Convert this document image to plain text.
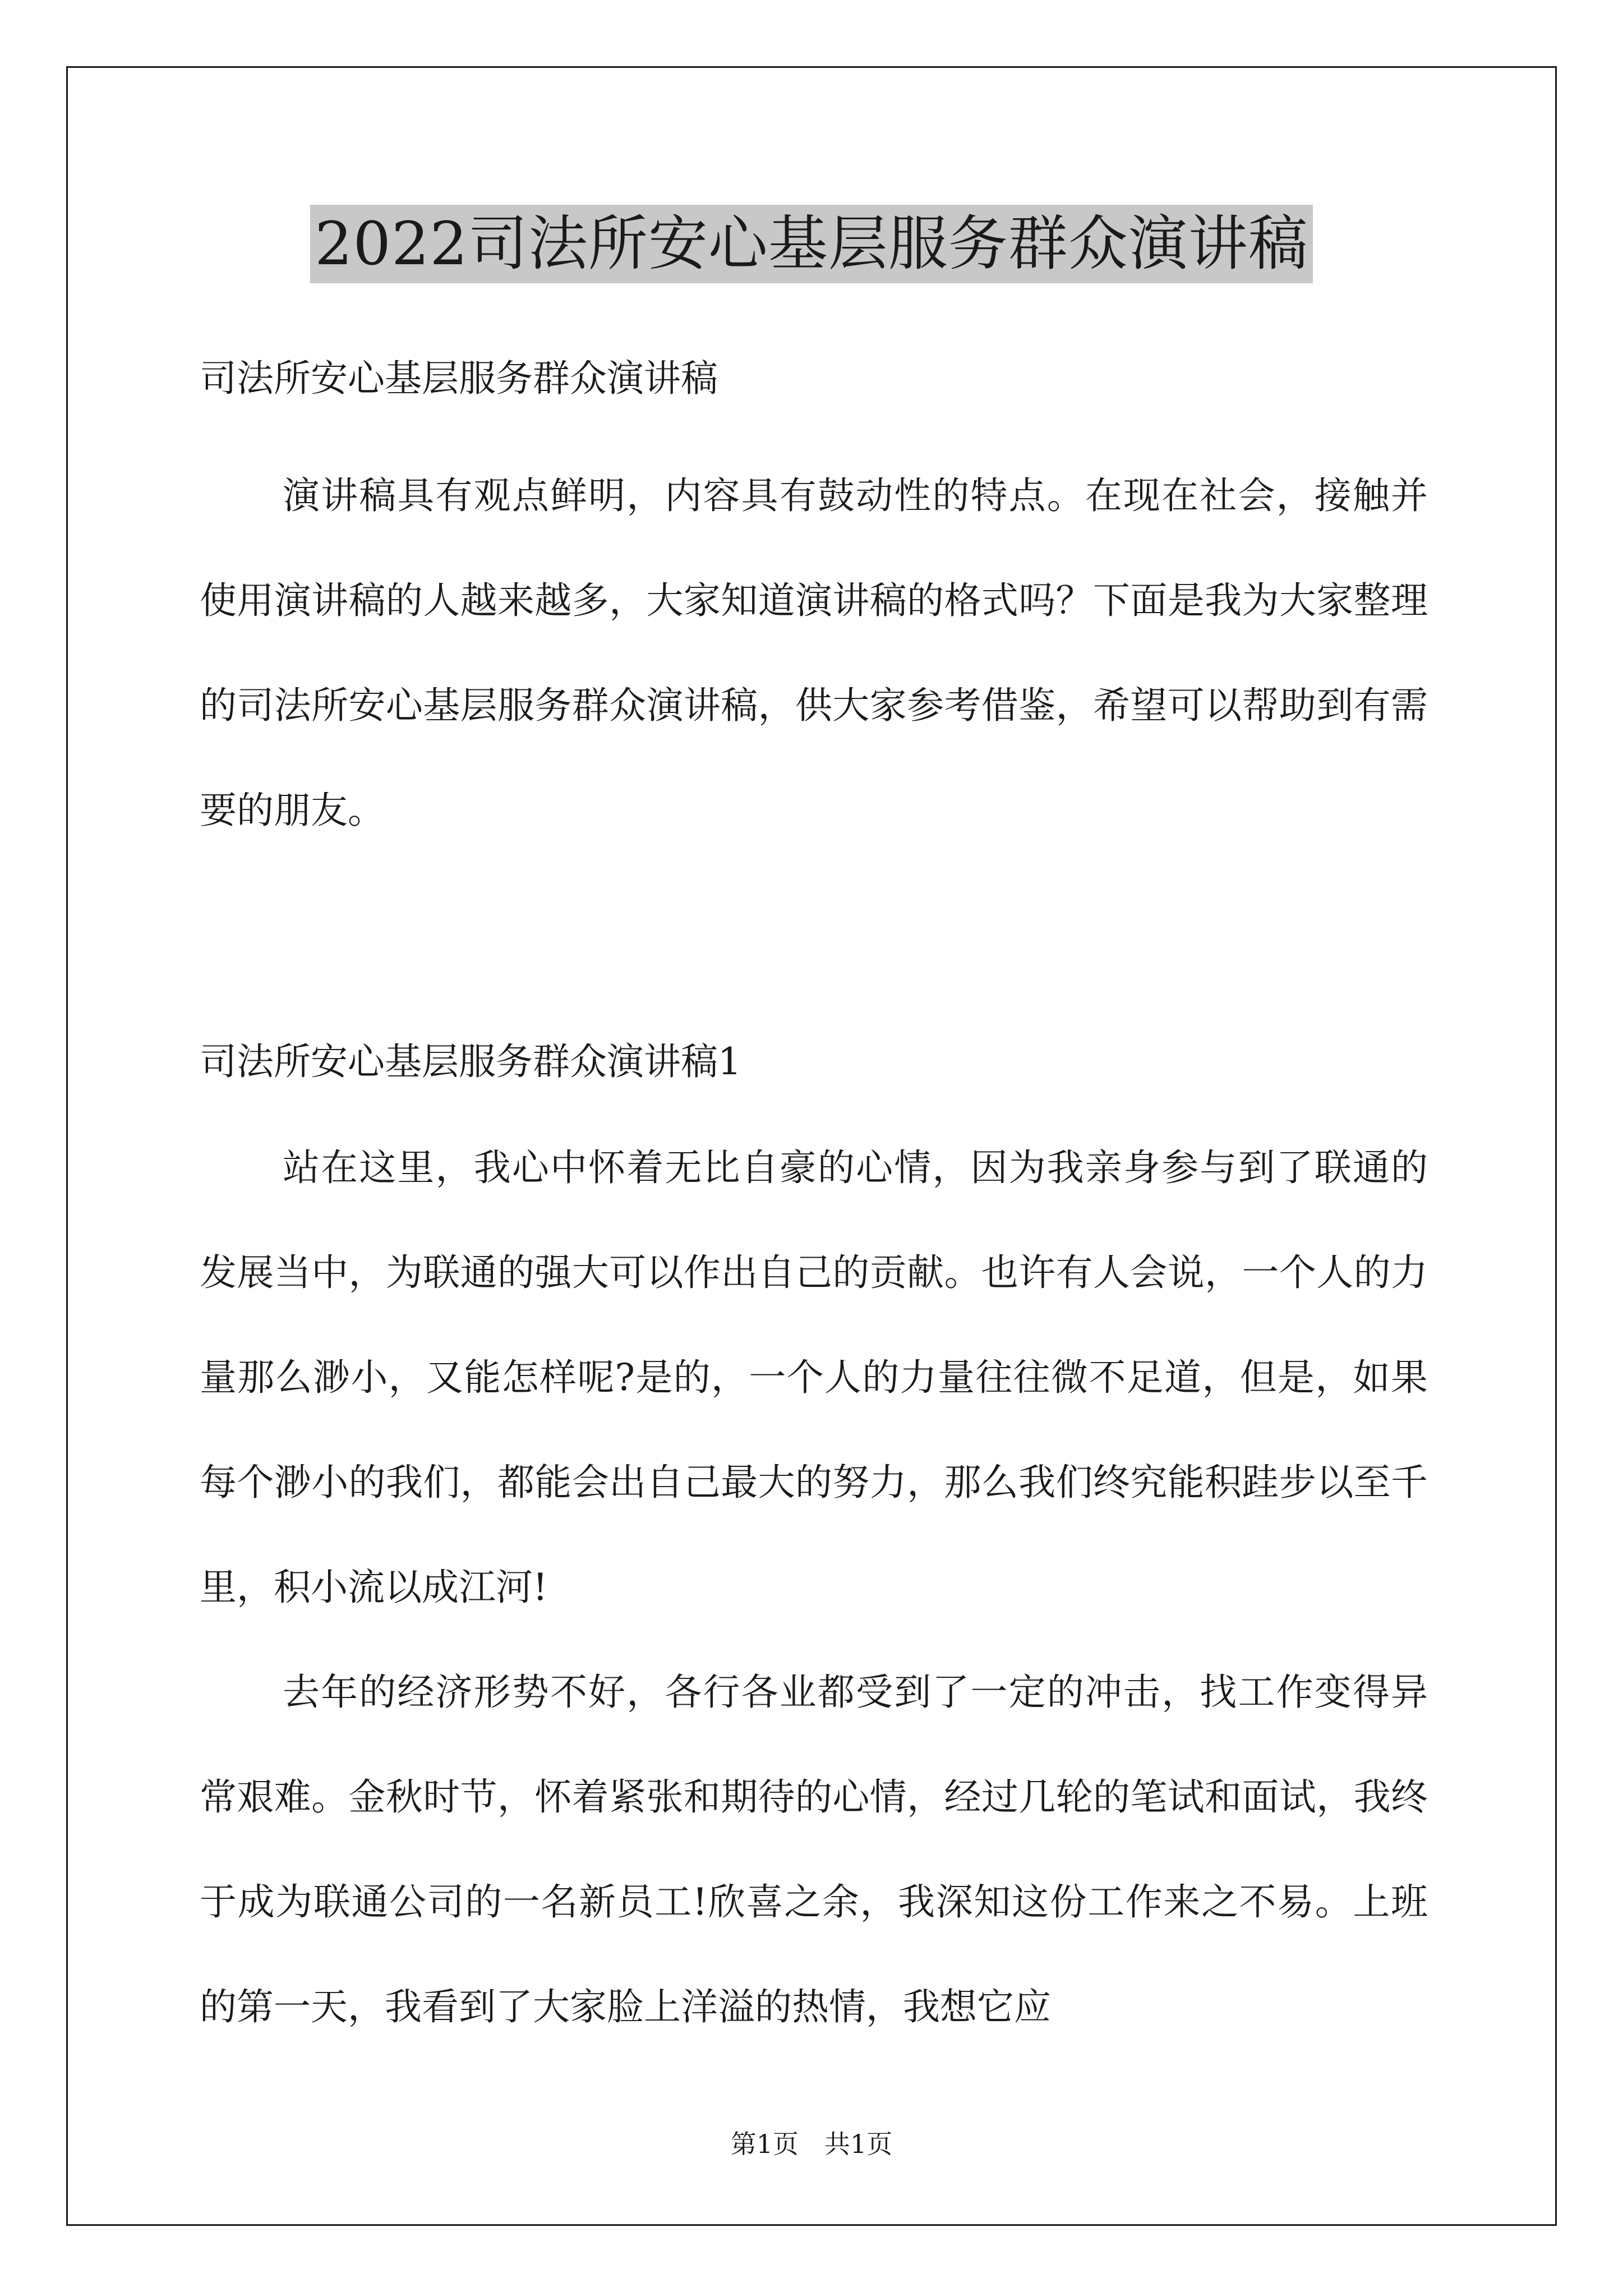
2022司法所安心基层服务群众演讲稿

司法所安心基层服务群众演讲稿

演讲稿具有观点鲜明，内容具有鼓动性的特点。在现在社会，接触并使用演讲稿的人越来越多，大家知道演讲稿的格式吗？下面是我为大家整理的司法所安心基层服务群众演讲稿，供大家参考借鉴，希望可以帮助到有需要的朋友。

司法所安心基层服务群众演讲稿1

站在这里，我心中怀着无比自豪的心情，因为我亲身参与到了联通的发展当中，为联通的强大可以作出自己的贡献。也许有人会说，一个人的力量那么渺小，又能怎样呢?是的，一个人的力量往往微不足道，但是，如果每个渺小的我们，都能会出自己最大的努力，那么我们终究能积跬步以至千里，积小流以成江河!

去年的经济形势不好，各行各业都受到了一定的冲击，找工作变得异常艰难。金秋时节，怀着紧张和期待的心情，经过几轮的笔试和面试，我终于成为联通公司的一名新员工!欣喜之余，我深知这份工作来之不易。上班的第一天，我看到了大家脸上洋溢的热情，我想它应

第1页　共1页
